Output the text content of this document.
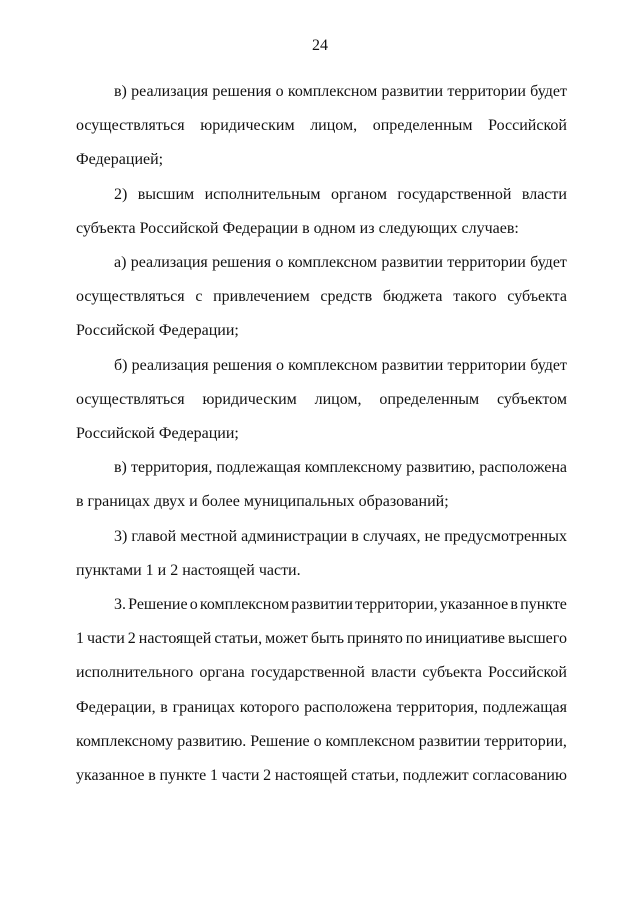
24

в) реализация решения о комплексном развитии территории будет
осуществляться юридическим лицом, определенным Российской
Федерацией;

2) высшим исполнительным органом государственной власти
субъекта Российской Федерации в одном из следующих случаев:

а) реализация решения о комплексном развитии территории будет
осуществляться с привлечением средств бюджета такого субъекта
Российской Федерации;

б) реализация решения о комплексном развитии территории будет
осуществляться юридическим лицом, определенным субъектом
Российской Федерации;

в) территория, подлежащая комплексному развитию, расположена
в границах двух и более муниципальных образований;

3) главой местной администрации в случаях, не предусмотренных
пунктами 1 и 2 настоящей части.

3. Решение о комплексном развитии территории, указанное в пункте
1 части 2 настоящей статьи, может быть принято по инициативе высшего
исполнительного органа государственной власти субъекта Российской
Федерации, в границах которого расположена территория, подлежащая
комплексному развитию. Решение о комплексном развитии территории,
указанное в пункте 1 части 2 настоящей статьи, подлежит согласованию
